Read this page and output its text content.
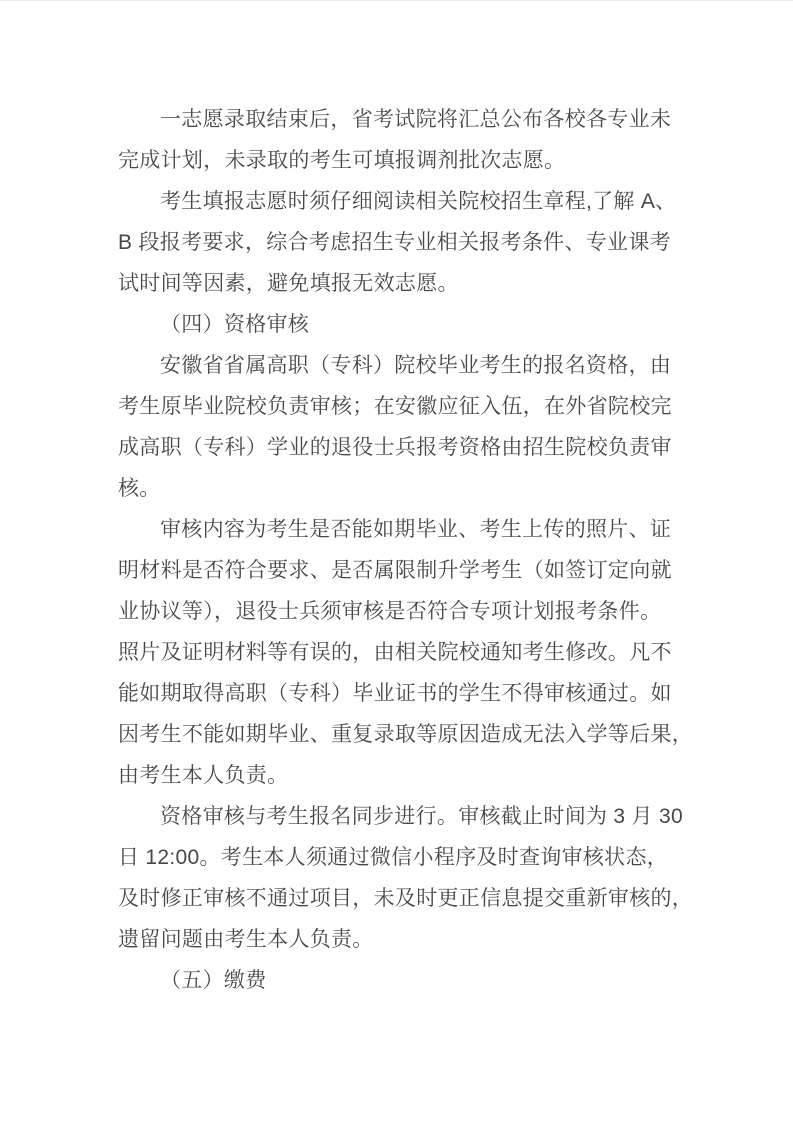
一志愿录取结束后，省考试院将汇总公布各校各专业未
完成计划，未录取的考生可填报调剂批次志愿。

考生填报志愿时须仔细阅读相关院校招生章程,了解 A、
B 段报考要求，综合考虑招生专业相关报考条件、专业课考
试时间等因素，避免填报无效志愿。

（四）资格审核

安徽省省属高职（专科）院校毕业考生的报名资格，由
考生原毕业院校负责审核；在安徽应征入伍，在外省院校完
成高职（专科）学业的退役士兵报考资格由招生院校负责审
核。

审核内容为考生是否能如期毕业、考生上传的照片、证
明材料是否符合要求、是否属限制升学考生（如签订定向就
业协议等），退役士兵须审核是否符合专项计划报考条件。
照片及证明材料等有误的，由相关院校通知考生修改。凡不
能如期取得高职（专科）毕业证书的学生不得审核通过。如
因考生不能如期毕业、重复录取等原因造成无法入学等后果，
由考生本人负责。

资格审核与考生报名同步进行。审核截止时间为 3 月 30
日 12:00。考生本人须通过微信小程序及时查询审核状态，
及时修正审核不通过项目，未及时更正信息提交重新审核的，
遗留问题由考生本人负责。

（五）缴费
